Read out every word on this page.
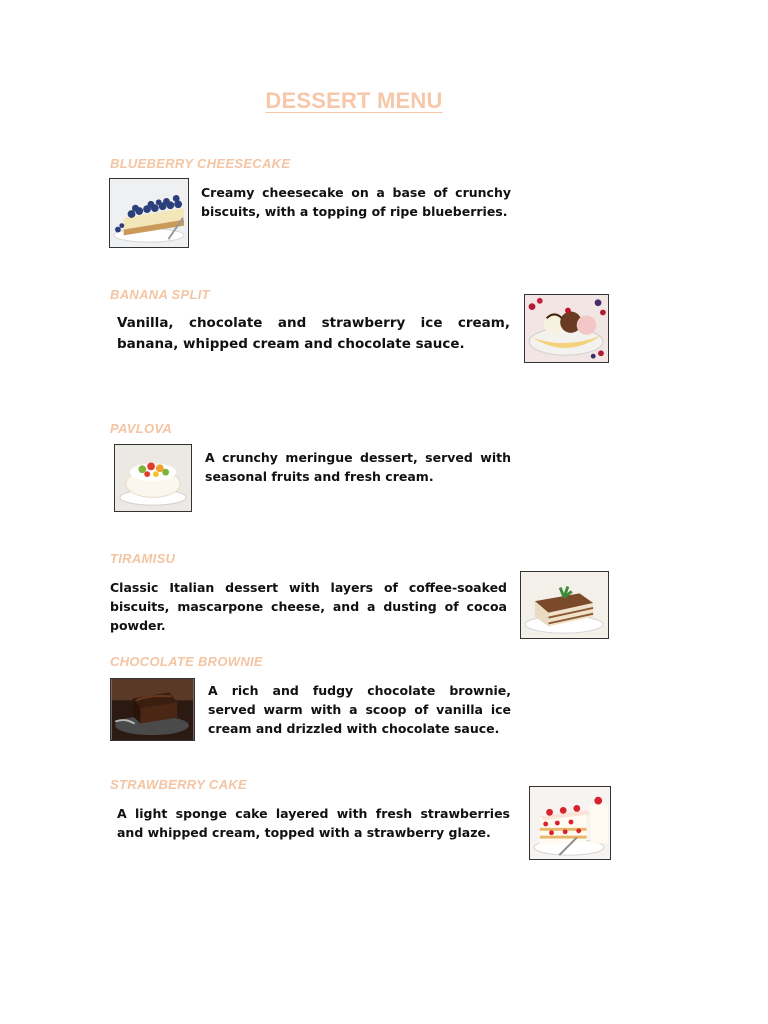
DESSERT MENU
BLUEBERRY CHEESECAKE
Creamy cheesecake on a base of crunchy biscuits, with a topping of ripe blueberries.
BANANA SPLIT
Vanilla, chocolate and strawberry ice cream, banana, whipped cream and chocolate sauce.
PAVLOVA
A crunchy meringue dessert, served with seasonal fruits and fresh cream.
TIRAMISU
Classic Italian dessert with layers of coffee-soaked biscuits, mascarpone cheese, and a dusting of cocoa powder.
CHOCOLATE BROWNIE
A rich and fudgy chocolate brownie, served warm with a scoop of vanilla ice cream and drizzled with chocolate sauce.
STRAWBERRY CAKE
A light sponge cake layered with fresh strawberries and whipped cream, topped with a strawberry glaze.
